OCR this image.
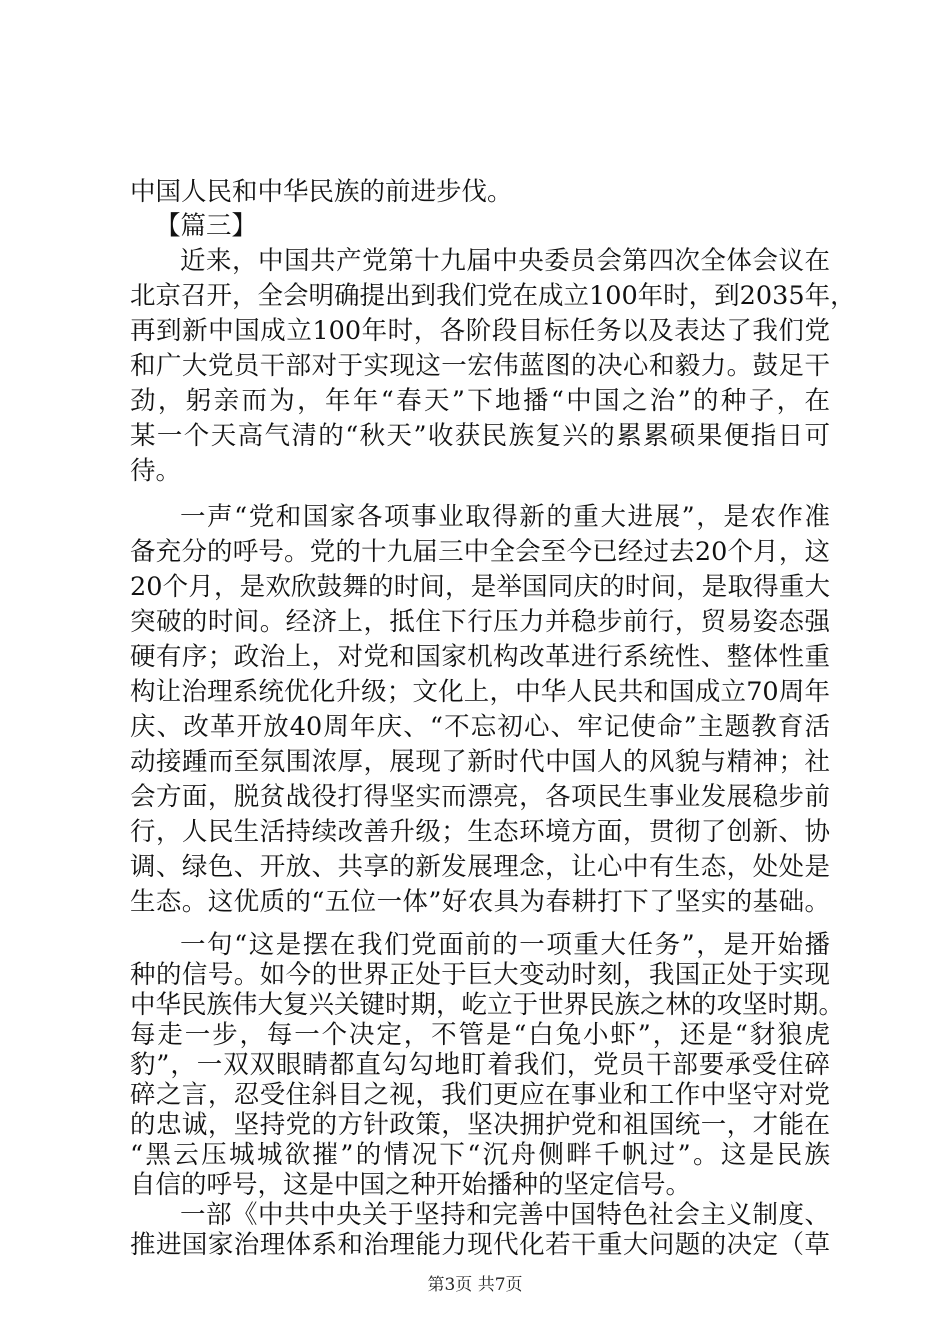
中国人民和中华民族的前进步伐。
【篇三】
近来，中国共产党第十九届中央委员会第四次全体会议在
北京召开，全会明确提出到我们党在成立100年时，到2035年，
再到新中国成立100年时，各阶段目标任务以及表达了我们党
和广大党员干部对于实现这一宏伟蓝图的决心和毅力。鼓足干
劲，躬亲而为，年年“春天”下地播“中国之治”的种子，在
某一个天高气清的“秋天”收获民族复兴的累累硕果便指日可
待。
一声“党和国家各项事业取得新的重大进展”，是农作准
备充分的呼号。党的十九届三中全会至今已经过去20个月，这
20个月，是欢欣鼓舞的时间，是举国同庆的时间，是取得重大
突破的时间。经济上，抵住下行压力并稳步前行，贸易姿态强
硬有序；政治上，对党和国家机构改革进行系统性、整体性重
构让治理系统优化升级；文化上，中华人民共和国成立70周年
庆、改革开放40周年庆、“不忘初心、牢记使命”主题教育活
动接踵而至氛围浓厚，展现了新时代中国人的风貌与精神；社
会方面，脱贫战役打得坚实而漂亮，各项民生事业发展稳步前
行，人民生活持续改善升级；生态环境方面，贯彻了创新、协
调、绿色、开放、共享的新发展理念，让心中有生态，处处是
生态。这优质的“五位一体”好农具为春耕打下了坚实的基础。
一句“这是摆在我们党面前的一项重大任务”，是开始播
种的信号。如今的世界正处于巨大变动时刻，我国正处于实现
中华民族伟大复兴关键时期，屹立于世界民族之林的攻坚时期。
每走一步，每一个决定，不管是“白兔小虾”，还是“豺狼虎
豹”，一双双眼睛都直勾勾地盯着我们，党员干部要承受住碎
碎之言，忍受住斜目之视，我们更应在事业和工作中坚守对党
的忠诚，坚持党的方针政策，坚决拥护党和祖国统一，才能在
“黑云压城城欲摧”的情况下“沉舟侧畔千帆过”。这是民族
自信的呼号，这是中国之种开始播种的坚定信号。
一部《中共中央关于坚持和完善中国特色社会主义制度、
推进国家治理体系和治理能力现代化若干重大问题的决定（草
第3页 共7页
